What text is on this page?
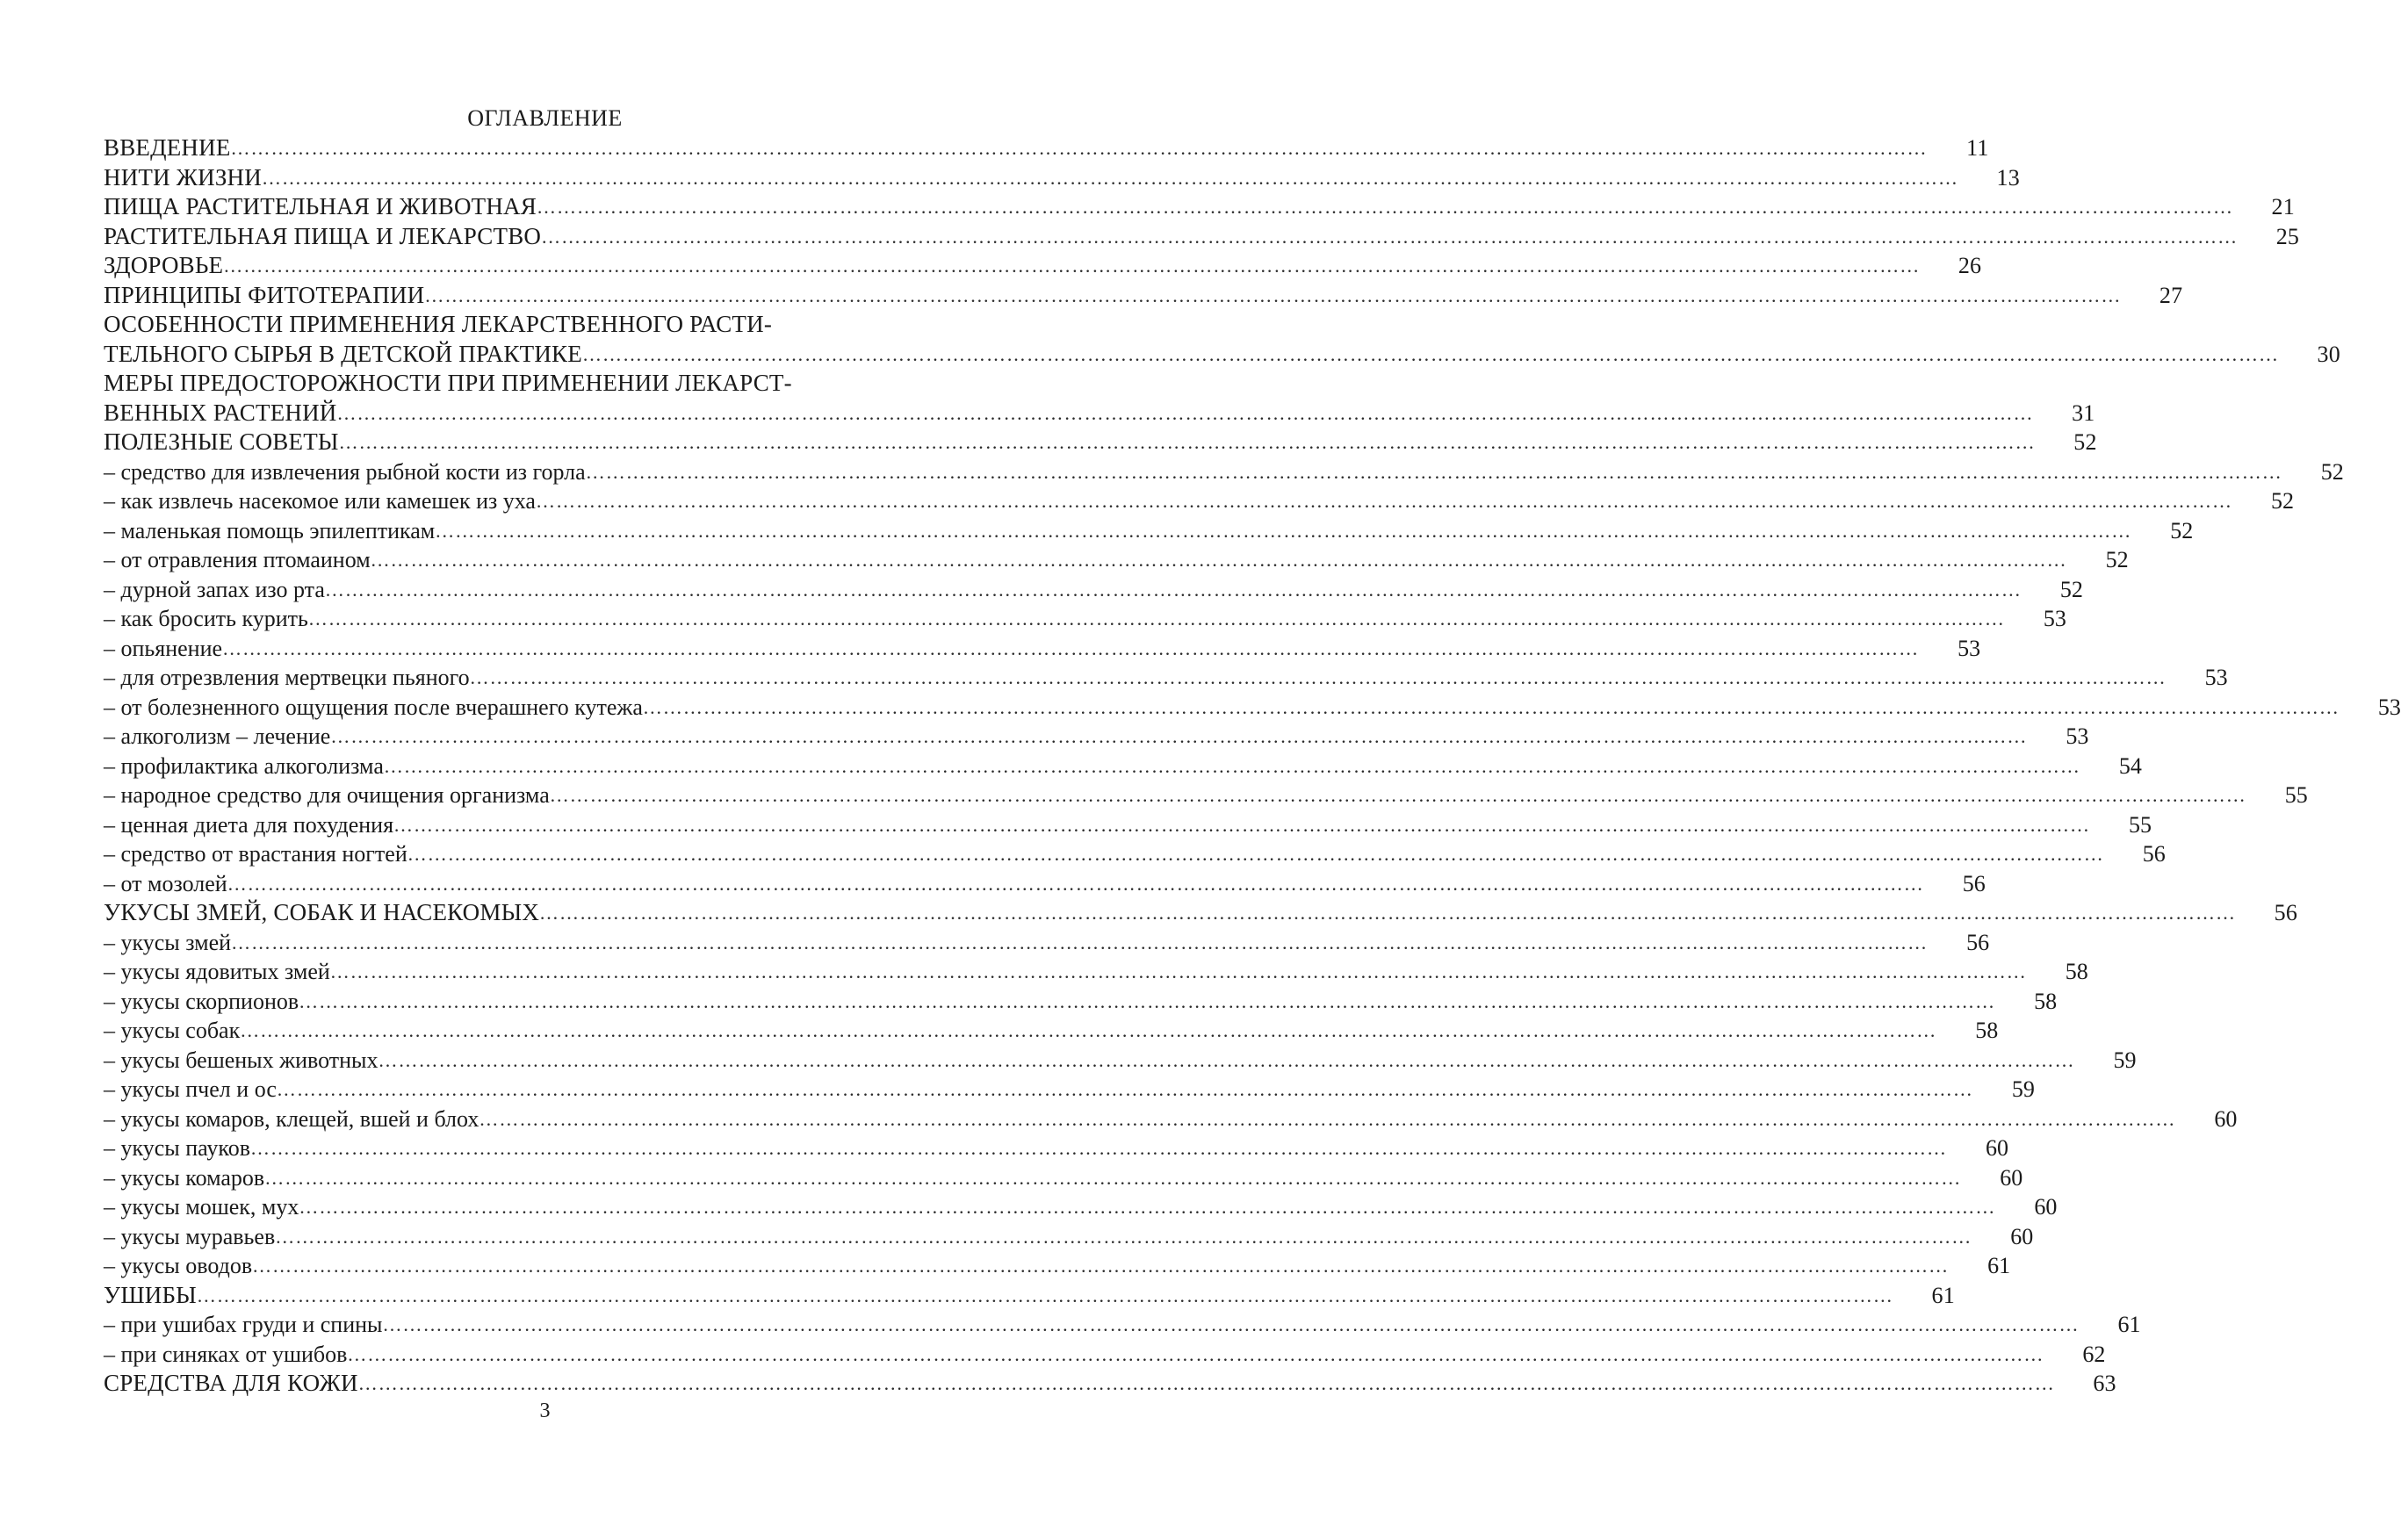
ОГЛАВЛЕНИЕ
ВВЕДЕНИЕ ………………………………………………………………………………………………………………………………………………………………………………………………………………………………	11
НИТИ ЖИЗНИ ………………………………………………………………………………………………………………………………………………………………………………………………………………………………	13
ПИЩА РАСТИТЕЛЬНАЯ И ЖИВОТНАЯ ………………………………………………………………………………………………………………………………………………………………………………………………………………………………	21
РАСТИТЕЛЬНАЯ ПИЩА И ЛЕКАРСТВО ………………………………………………………………………………………………………………………………………………………………………………………………………………………………	25
ЗДОРОВЬЕ ………………………………………………………………………………………………………………………………………………………………………………………………………………………………	26
ПРИНЦИПЫ ФИТОТЕРАПИИ ………………………………………………………………………………………………………………………………………………………………………………………………………………………………	27
ОСОБЕННОСТИ ПРИМЕНЕНИЯ ЛЕКАРСТВЕННОГО РАСТИ-
ТЕЛЬНОГО СЫРЬЯ В ДЕТСКОЙ ПРАКТИКЕ ………………………………………………………………………………………………………………………………………………………………………………………………………………………………	30
МЕРЫ ПРЕДОСТОРОЖНОСТИ ПРИ ПРИМЕНЕНИИ ЛЕКАРСТ-
ВЕННЫХ РАСТЕНИЙ ………………………………………………………………………………………………………………………………………………………………………………………………………………………………	31
ПОЛЕЗНЫЕ СОВЕТЫ ………………………………………………………………………………………………………………………………………………………………………………………………………………………………	52
– средство для извлечения рыбной кости из горла ………………………………………………………………………………………………………………………………………………………………………………………………………………………………	52
– как извлечь насекомое или камешек из уха ………………………………………………………………………………………………………………………………………………………………………………………………………………………………	52
– маленькая помощь эпилептикам ………………………………………………………………………………………………………………………………………………………………………………………………………………………………	52
– от отравления птомаином ………………………………………………………………………………………………………………………………………………………………………………………………………………………………	52
– дурной запах изо рта ………………………………………………………………………………………………………………………………………………………………………………………………………………………………	52
– как бросить курить ………………………………………………………………………………………………………………………………………………………………………………………………………………………………	53
– опьянение ………………………………………………………………………………………………………………………………………………………………………………………………………………………………	53
– для отрезвления мертвецки пьяного ………………………………………………………………………………………………………………………………………………………………………………………………………………………………	53
– от болезненного ощущения после вчерашнего кутежа ………………………………………………………………………………………………………………………………………………………………………………………………………………………………	53
– алкоголизм – лечение ………………………………………………………………………………………………………………………………………………………………………………………………………………………………	53
– профилактика алкоголизма ………………………………………………………………………………………………………………………………………………………………………………………………………………………………	54
– народное средство для очищения организма ………………………………………………………………………………………………………………………………………………………………………………………………………………………………	55
– ценная диета для похудения ………………………………………………………………………………………………………………………………………………………………………………………………………………………………	55
– средство от врастания ногтей ………………………………………………………………………………………………………………………………………………………………………………………………………………………………	56
– от мозолей ………………………………………………………………………………………………………………………………………………………………………………………………………………………………	56
УКУСЫ ЗМЕЙ, СОБАК И НАСЕКОМЫХ ………………………………………………………………………………………………………………………………………………………………………………………………………………………………	56
– укусы змей ………………………………………………………………………………………………………………………………………………………………………………………………………………………………	56
– укусы ядовитых змей ………………………………………………………………………………………………………………………………………………………………………………………………………………………………	58
– укусы скорпионов ………………………………………………………………………………………………………………………………………………………………………………………………………………………………	58
– укусы собак ………………………………………………………………………………………………………………………………………………………………………………………………………………………………	58
– укусы бешеных животных ………………………………………………………………………………………………………………………………………………………………………………………………………………………………	59
– укусы пчел и ос ………………………………………………………………………………………………………………………………………………………………………………………………………………………………	59
– укусы комаров, клещей, вшей и блох ………………………………………………………………………………………………………………………………………………………………………………………………………………………………	60
– укусы пауков ………………………………………………………………………………………………………………………………………………………………………………………………………………………………	60
– укусы комаров ………………………………………………………………………………………………………………………………………………………………………………………………………………………………	60
– укусы мошек, мух ………………………………………………………………………………………………………………………………………………………………………………………………………………………………	60
– укусы муравьев ………………………………………………………………………………………………………………………………………………………………………………………………………………………………	60
– укусы оводов ………………………………………………………………………………………………………………………………………………………………………………………………………………………………	61
УШИБЫ ………………………………………………………………………………………………………………………………………………………………………………………………………………………………	61
– при ушибах груди и спины ………………………………………………………………………………………………………………………………………………………………………………………………………………………………	61
– при синяках от ушибов ………………………………………………………………………………………………………………………………………………………………………………………………………………………………	62
СРЕДСТВА ДЛЯ КОЖИ ………………………………………………………………………………………………………………………………………………………………………………………………………………………………	63
3
